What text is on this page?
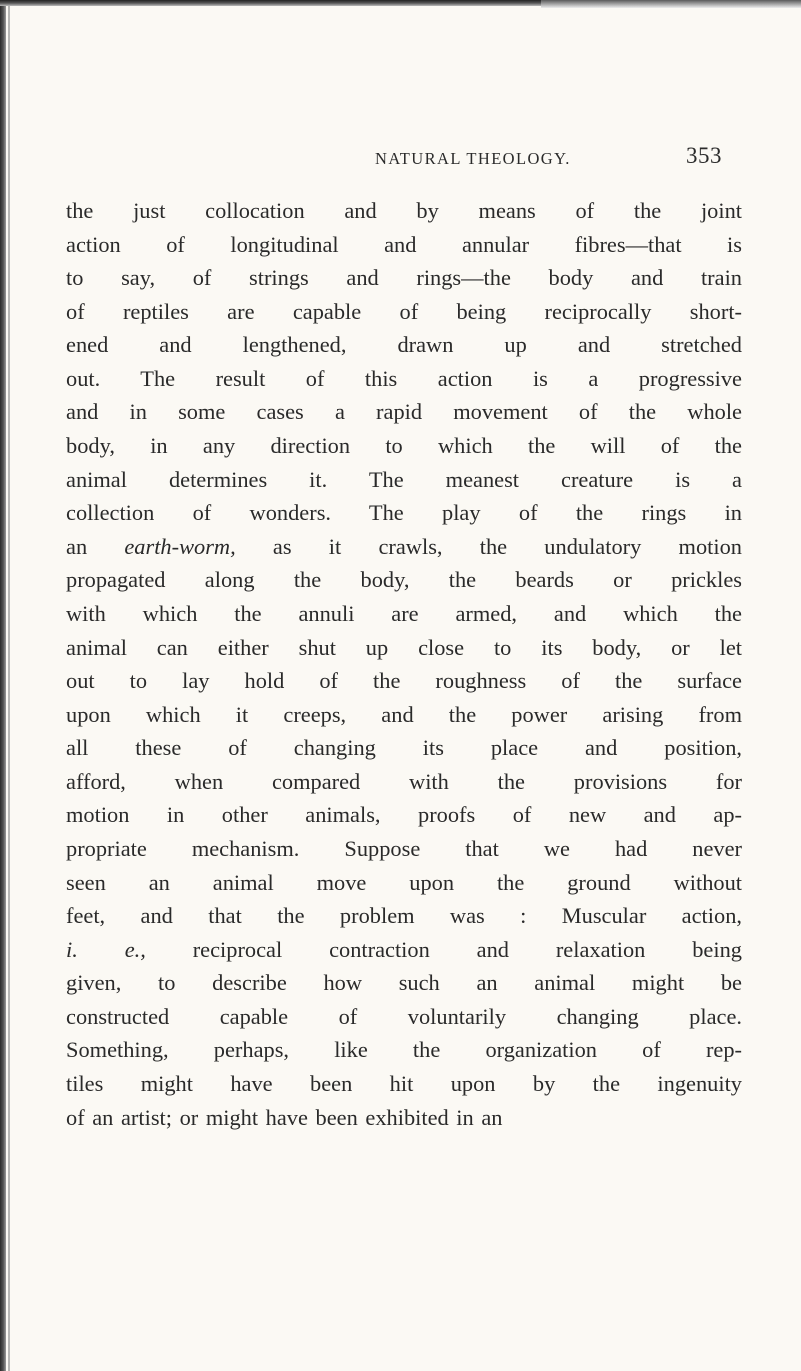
NATURAL THEOLOGY.	353
the just collocation and by means of the joint
action of longitudinal and annular fibres—that is
to say, of strings and rings—the body and train
of reptiles are capable of being reciprocally short-
ened and lengthened, drawn up and stretched
out. The result of this action is a progressive
and in some cases a rapid movement of the whole
body, in any direction to which the will of the
animal determines it. The meanest creature is a
collection of wonders. The play of the rings in
an earth-worm, as it crawls, the undulatory motion
propagated along the body, the beards or prickles
with which the annuli are armed, and which the
animal can either shut up close to its body, or let
out to lay hold of the roughness of the surface
upon which it creeps, and the power arising from
all these of changing its place and position,
afford, when compared with the provisions for
motion in other animals, proofs of new and ap-
propriate mechanism. Suppose that we had never
seen an animal move upon the ground without
feet, and that the problem was : Muscular action,
i. e., reciprocal contraction and relaxation being
given, to describe how such an animal might be
constructed capable of voluntarily changing place.
Something, perhaps, like the organization of rep-
tiles might have been hit upon by the ingenuity
of an artist; or might have been exhibited in an
